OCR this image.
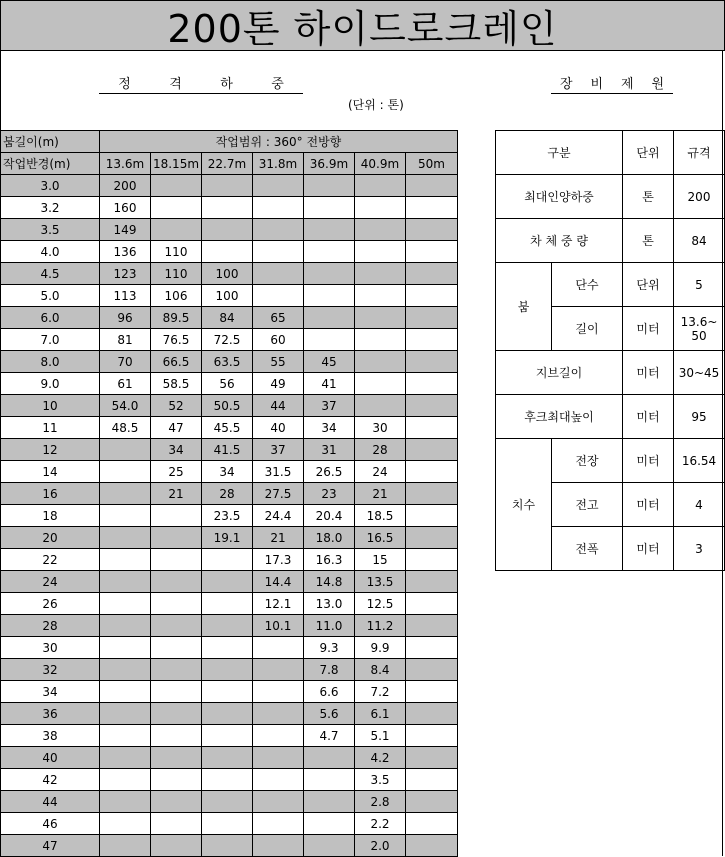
200톤 하이드로크레인
정	격	하	중	장 비 제 원
(단위 : 톤)
붐길이(m)	작업범위 : 360° 전방향						
작업반경(m)	13.6m	18.15m	22.7m	31.8m	36.9m	40.9m	50m
3.0	200						
3.2	160						
3.5	149						
4.0	136	110					
4.5	123	110	100				
5.0	113	106	100				
6.0	96	89.5	84	65			
7.0	81	76.5	72.5	60			
8.0	70	66.5	63.5	55	45		
9.0	61	58.5	56	49	41		
10	54.0	52	50.5	44	37		
11	48.5	47	45.5	40	34	30	
12		34	41.5	37	31	28	
14		25	34	31.5	26.5	24	
16		21	28	27.5	23	21	
18			23.5	24.4	20.4	18.5	
20			19.1	21	18.0	16.5	
22				17.3	16.3	15	
24				14.4	14.8	13.5	
26				12.1	13.0	12.5	
28				10.1	11.0	11.2	
30					9.3	9.9	
32					7.8	8.4	
34					6.6	7.2	
36					5.6	6.1	
38					4.7	5.1	
40						4.2	
42						3.5	
44						2.8	
46						2.2	
47						2.0	
구분		단위	규격
최대인양하중		톤	200
차 체 중 량		톤	84
붐	단수	단위	5
	길이	미터	13.6~ 50
지브길이		미터	30~45
후크최대높이		미터	95
치수	전장	미터	16.54
	전고	미터	4
	전폭	미터	3
